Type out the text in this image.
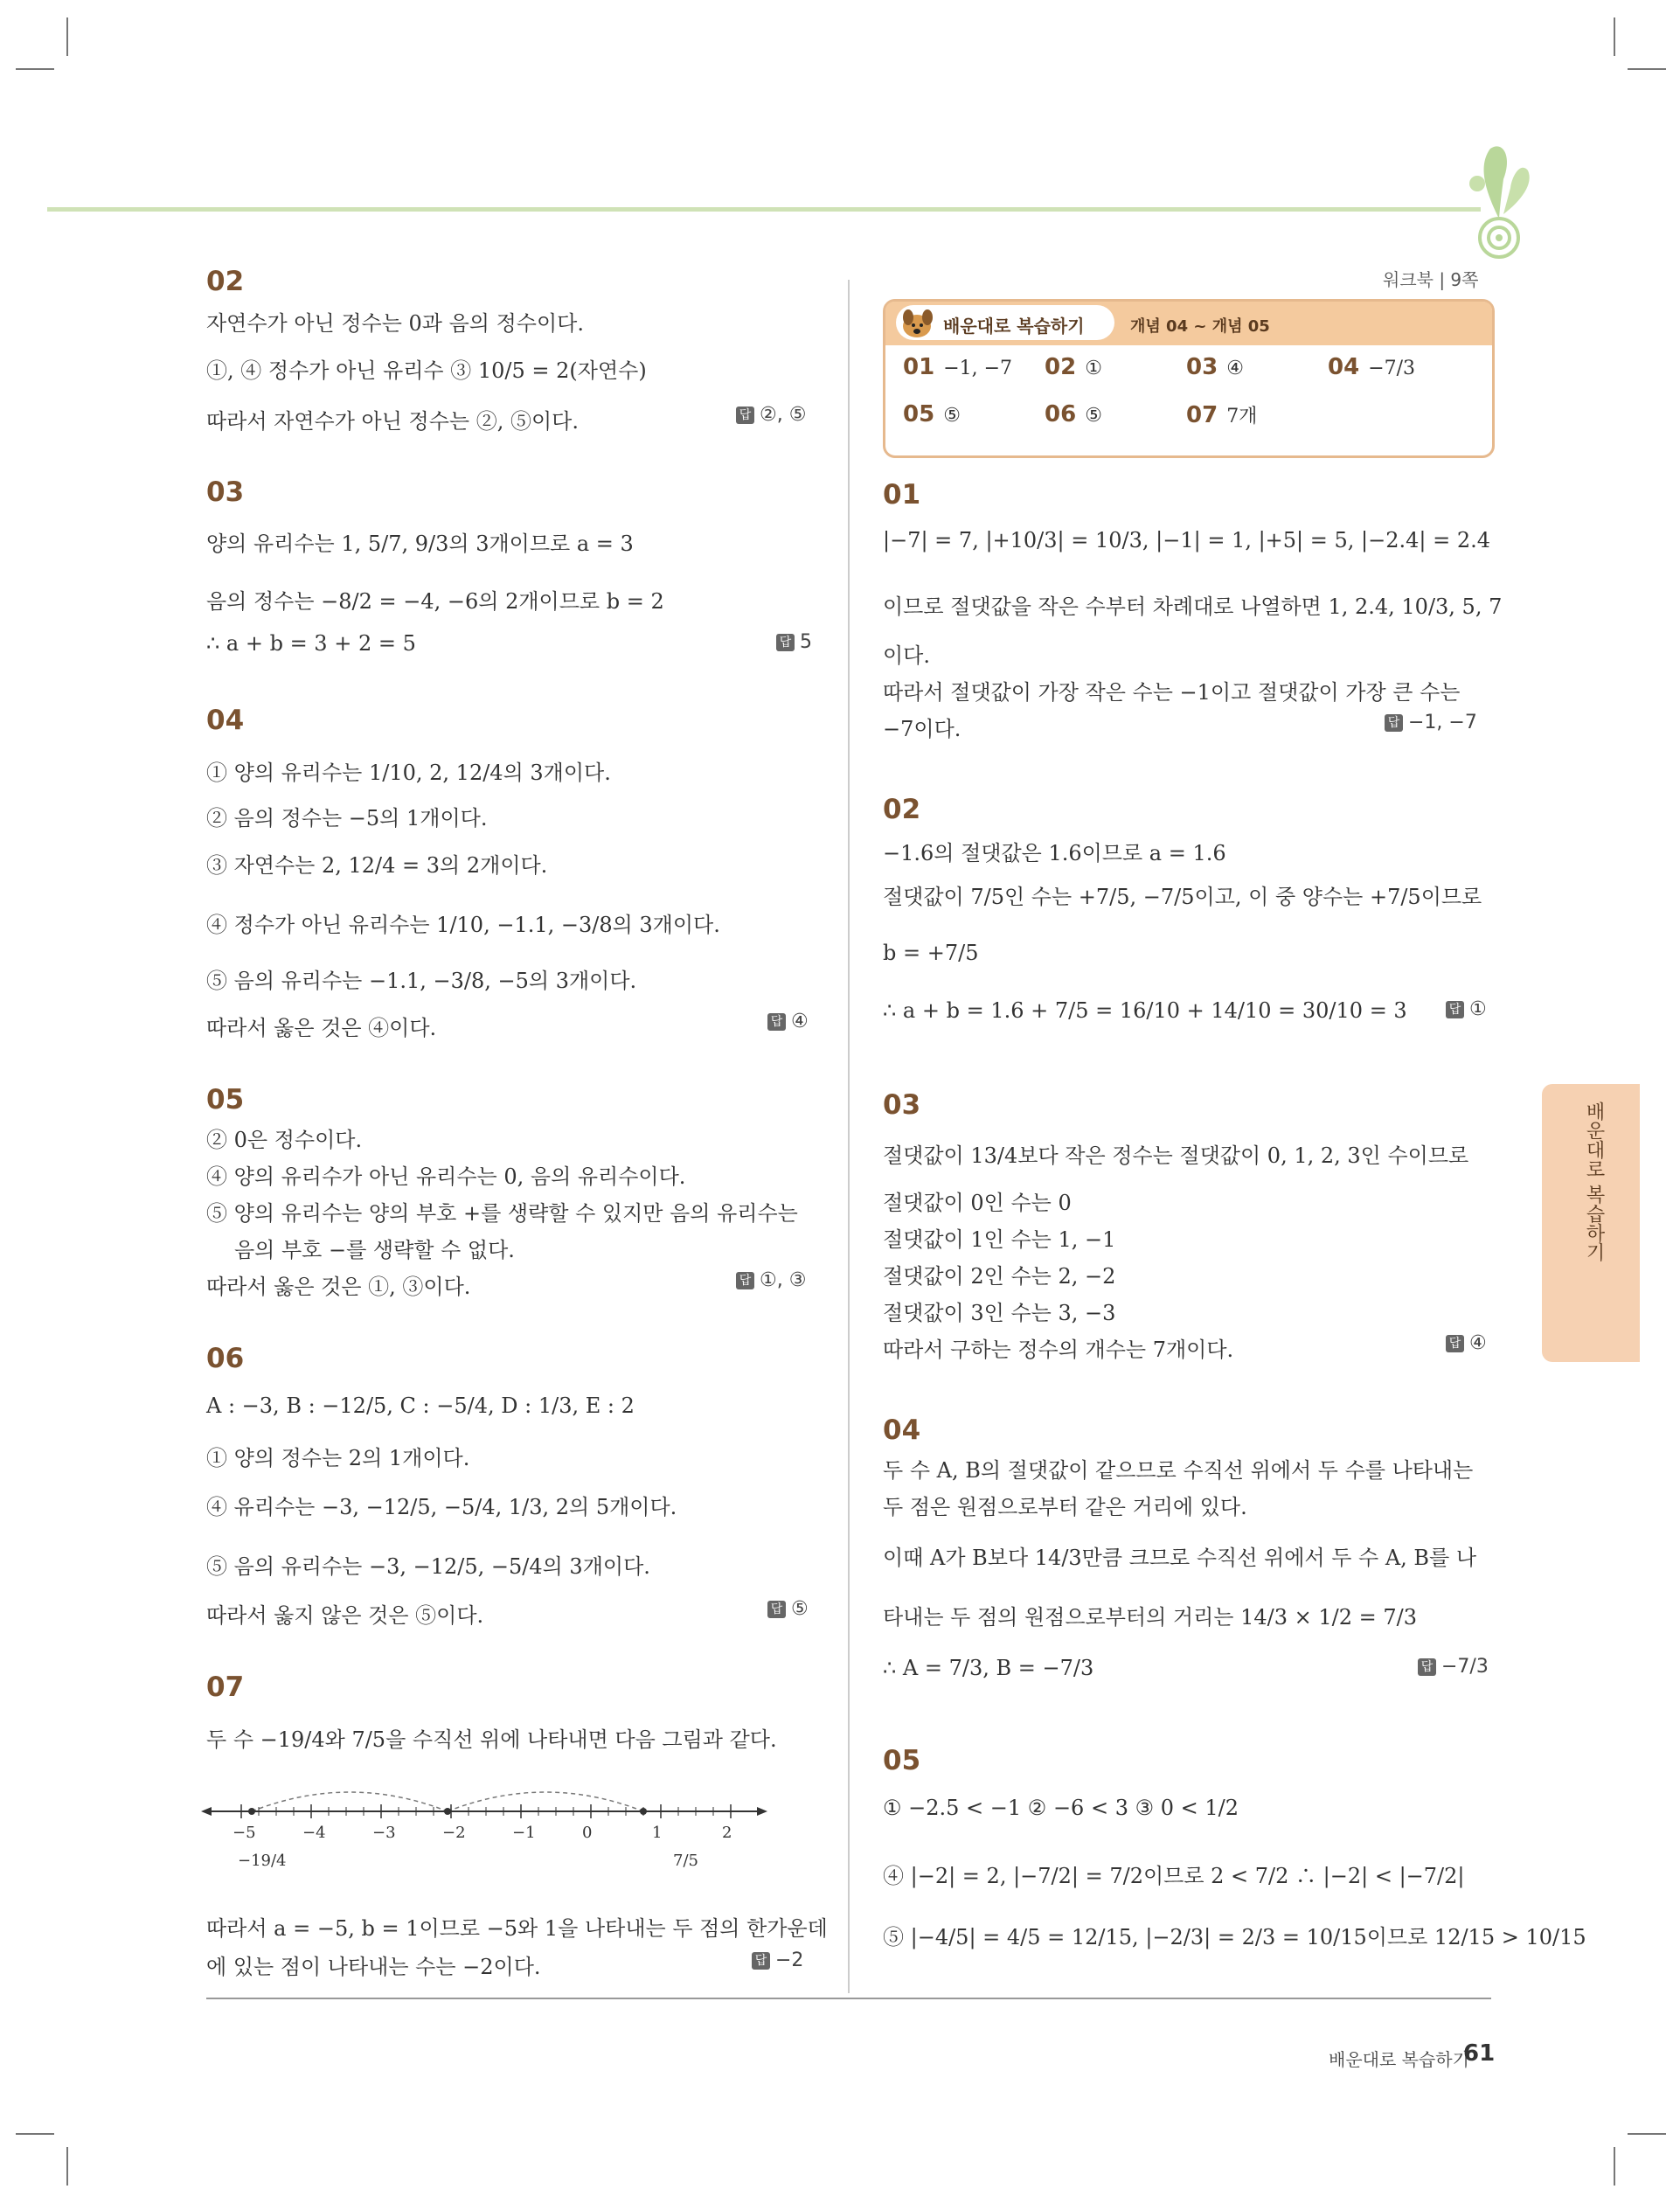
워크북 | 9쪽
02
자연수가 아닌 정수는 0과 음의 정수이다.
①, ④ 정수가 아닌 유리수 ③ 10/5 = 2(자연수)
따라서 자연수가 아닌 정수는 ②, ⑤이다.	답 ②, ⑤
03
양의 유리수는 1, 5/7, 9/3의 3개이므로 a = 3
음의 정수는 −8/2 = −4, −6의 2개이므로 b = 2
∴ a + b = 3 + 2 = 5	답 5
04
① 양의 유리수는 1/10, 2, 12/4의 3개이다.
② 음의 정수는 −5의 1개이다.
③ 자연수는 2, 12/4 = 3의 2개이다.
④ 정수가 아닌 유리수는 1/10, −1.1, −3/8의 3개이다.
⑤ 음의 유리수는 −1.1, −3/8, −5의 3개이다.
따라서 옳은 것은 ④이다.	답 ④
05
② 0은 정수이다.
④ 양의 유리수가 아닌 유리수는 0, 음의 유리수이다.
⑤ 양의 유리수는 양의 부호 +를 생략할 수 있지만 음의 유리수는
음의 부호 −를 생략할 수 없다.
따라서 옳은 것은 ①, ③이다.	답 ①, ③
06
A : −3, B : −12/5, C : −5/4, D : 1/3, E : 2
① 양의 정수는 2의 1개이다.
④ 유리수는 −3, −12/5, −5/4, 1/3, 2의 5개이다.
⑤ 음의 유리수는 −3, −12/5, −5/4의 3개이다.
따라서 옳지 않은 것은 ⑤이다.	답 ⑤
07
두 수 −19/4와 7/5을 수직선 위에 나타내면 다음 그림과 같다.
−5	−4	−3	−2	−1	0	1	2
−19/4	7/5
따라서 a = −5, b = 1이므로 −5와 1을 나타내는 두 점의 한가운데
에 있는 점이 나타내는 수는 −2이다.	답 −2
배운대로 복습하기	개념 04 ~ 개념 05
01 −1, −7 02 ①	03 ④	04 −7/3
05 ⑤	06 ⑤	07 7개
01
|−7| = 7, |+10/3| = 10/3, |−1| = 1, |+5| = 5, |−2.4| = 2.4
이므로 절댓값을 작은 수부터 차례대로 나열하면 1, 2.4, 10/3, 5, 7
이다.
따라서 절댓값이 가장 작은 수는 −1이고 절댓값이 가장 큰 수는
−7이다.	답 −1, −7
02
−1.6의 절댓값은 1.6이므로 a = 1.6
절댓값이 7/5인 수는 +7/5, −7/5이고, 이 중 양수는 +7/5이므로
b = +7/5
∴ a + b = 1.6 + 7/5 = 16/10 + 14/10 = 30/10 = 3	답 ①
03
절댓값이 13/4보다 작은 정수는 절댓값이 0, 1, 2, 3인 수이므로
절댓값이 0인 수는 0
절댓값이 1인 수는 1, −1
절댓값이 2인 수는 2, −2
절댓값이 3인 수는 3, −3
따라서 구하는 정수의 개수는 7개이다.	답 ④
04
두 수 A, B의 절댓값이 같으므로 수직선 위에서 두 수를 나타내는
두 점은 원점으로부터 같은 거리에 있다.
이때 A가 B보다 14/3만큼 크므로 수직선 위에서 두 수 A, B를 나
타내는 두 점의 원점으로부터의 거리는 14/3 × 1/2 = 7/3
∴ A = 7/3, B = −7/3	답 −7/3
05
① −2.5 < −1 ② −6 < 3 ③ 0 < 1/2
④ |−2| = 2, |−7/2| = 7/2이므로 2 < 7/2 ∴ |−2| < |−7/2|
⑤ |−4/5| = 4/5 = 12/15, |−2/3| = 2/3 = 10/15이므로 12/15 > 10/15
배운대로 복습하기
배운대로 복습하기
61
